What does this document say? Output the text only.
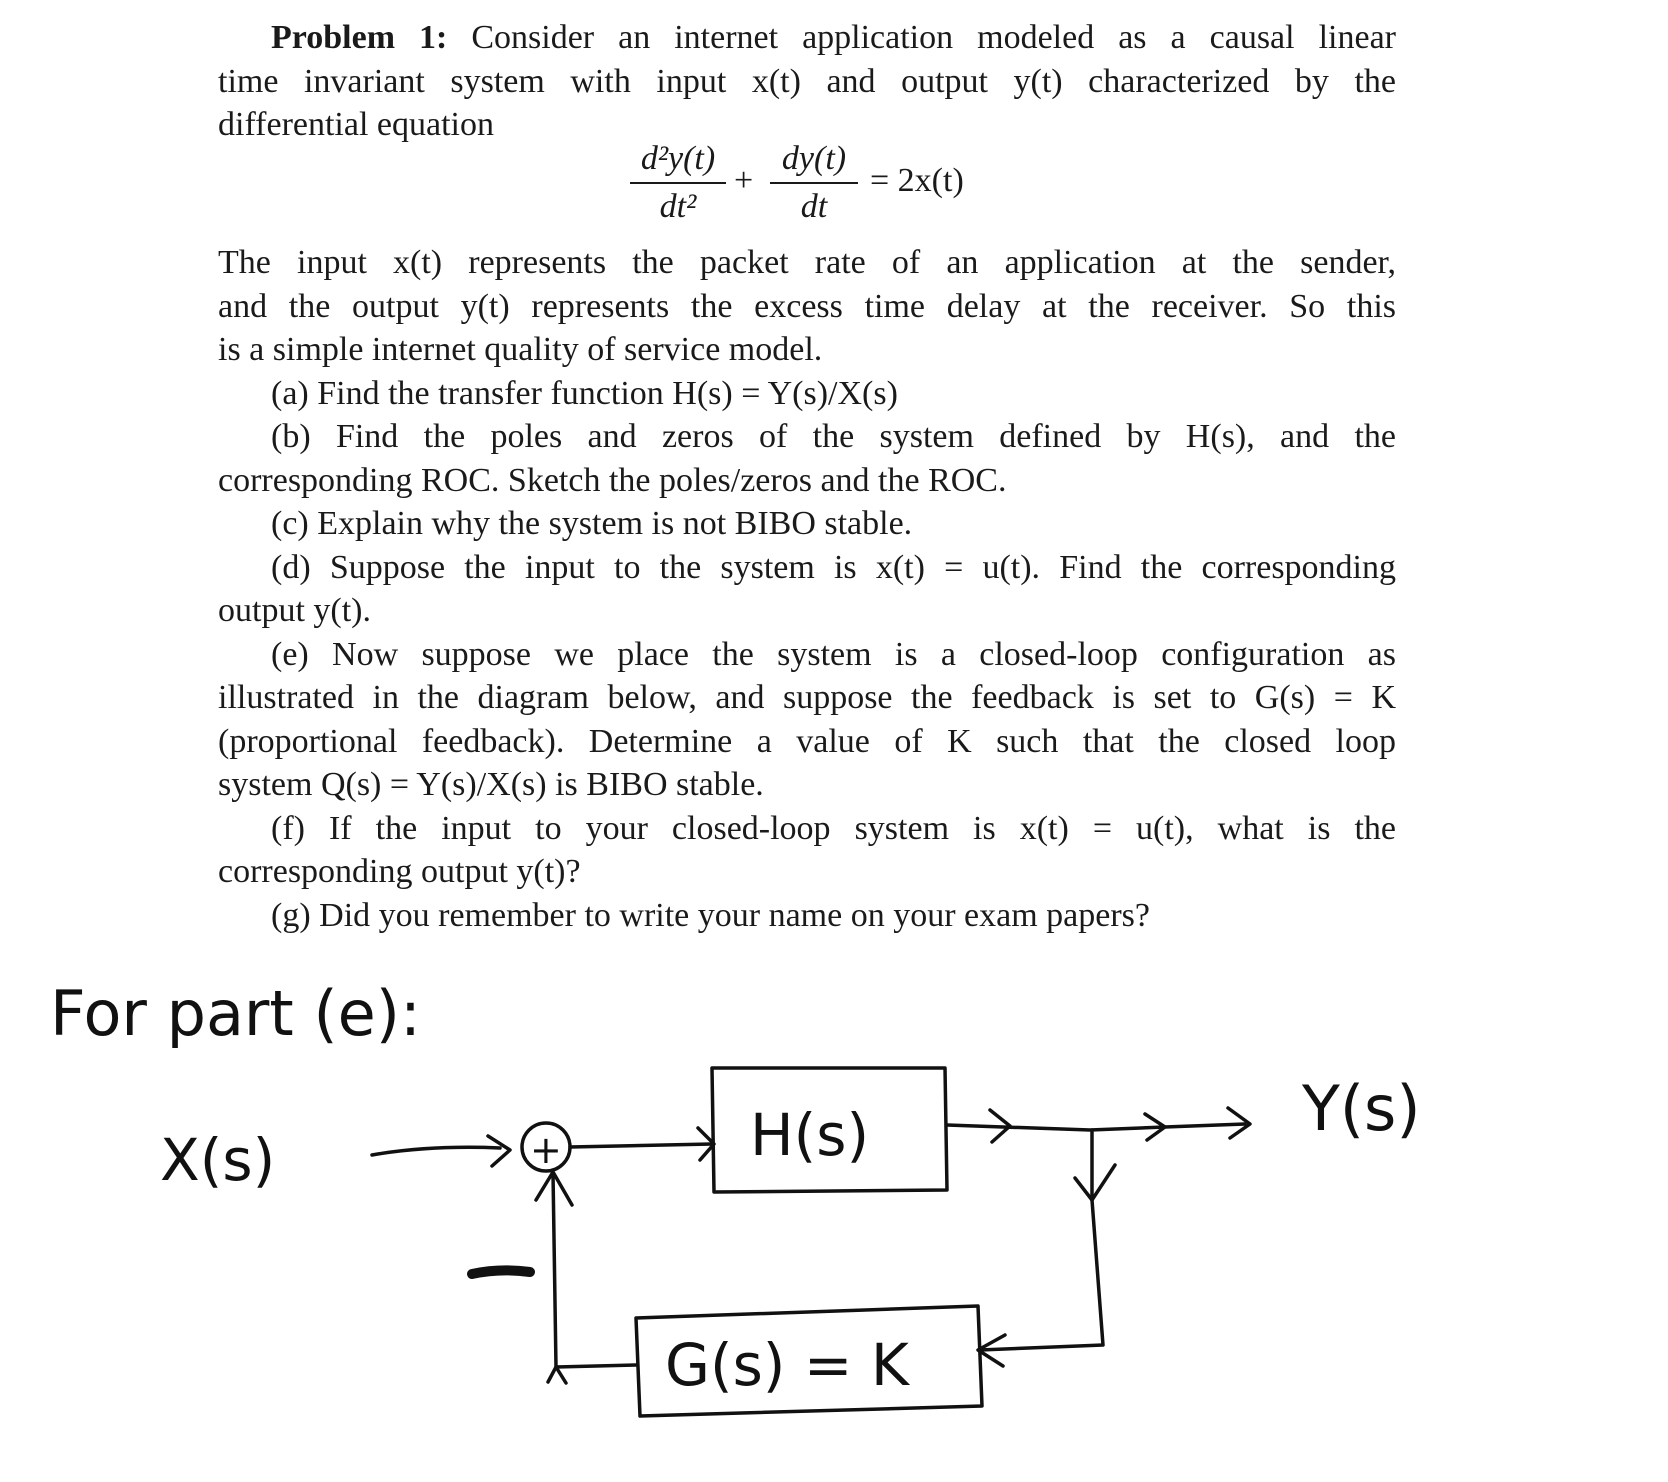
Problem 1: Consider an internet application modeled as a causal linear
time invariant system with input x(t) and output y(t) characterized by the
differential equation
d²y(t)
dt²
+
dy(t)
dt
= 2x(t)
The input x(t) represents the packet rate of an application at the sender,
and the output y(t) represents the excess time delay at the receiver. So this
is a simple internet quality of service model.
(a) Find the transfer function H(s) = Y(s)/X(s)
(b) Find the poles and zeros of the system defined by H(s), and the
corresponding ROC. Sketch the poles/zeros and the ROC.
(c) Explain why the system is not BIBO stable.
(d) Suppose the input to the system is x(t) = u(t). Find the corresponding
output y(t).
(e) Now suppose we place the system is a closed-loop configuration as
illustrated in the diagram below, and suppose the feedback is set to G(s) = K
(proportional feedback). Determine a value of K such that the closed loop
system Q(s) = Y(s)/X(s) is BIBO stable.
(f) If the input to your closed-loop system is x(t) = u(t), what is the
corresponding output y(t)?
(g) Did you remember to write your name on your exam papers?
−
For part (e):
X(s)	+	H(s)
G(s) = K
Y(s)
